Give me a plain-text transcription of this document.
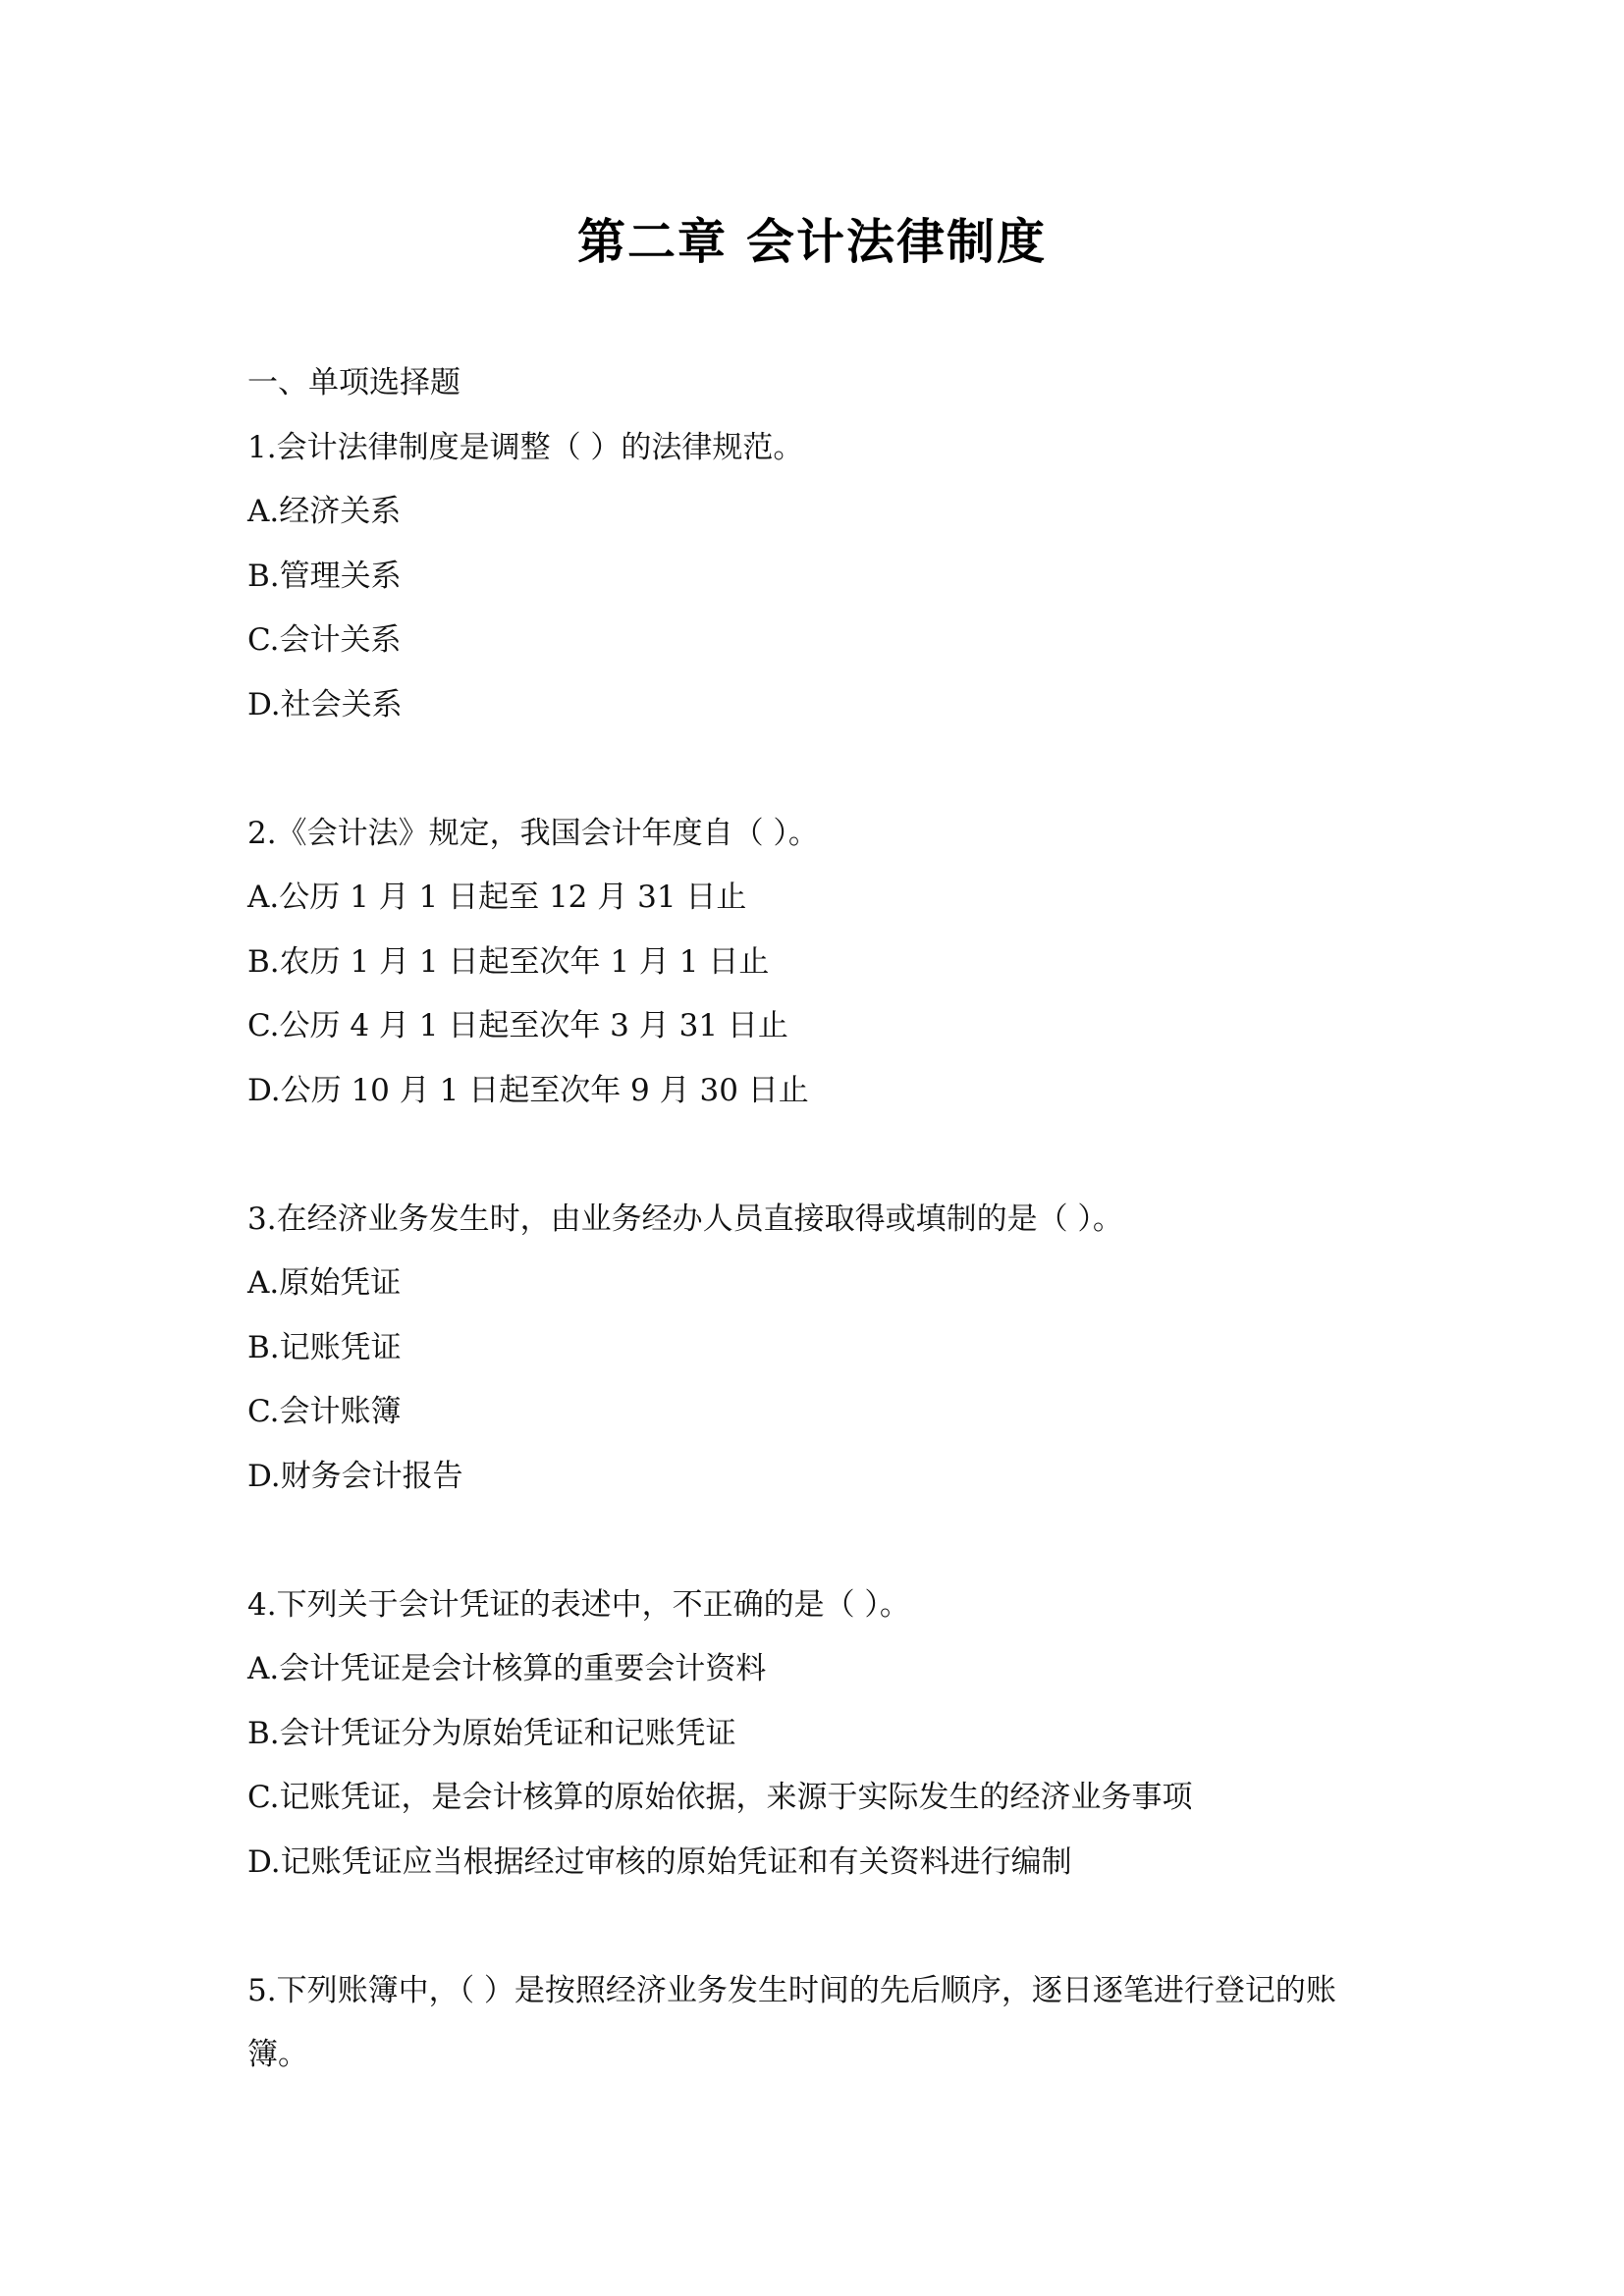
第二章 会计法律制度

一、单项选择题

1.会计法律制度是调整（ ）的法律规范。

A.经济关系

B.管理关系

C.会计关系

D.社会关系

2.《会计法》规定，我国会计年度自（ ）。

A.公历 1 月 1 日起至 12 月 31 日止

B.农历 1 月 1 日起至次年 1 月 1 日止

C.公历 4 月 1 日起至次年 3 月 31 日止

D.公历 10 月 1 日起至次年 9 月 30 日止

3.在经济业务发生时，由业务经办人员直接取得或填制的是（ ）。

A.原始凭证

B.记账凭证

C.会计账簿

D.财务会计报告

4.下列关于会计凭证的表述中，不正确的是（ ）。

A.会计凭证是会计核算的重要会计资料

B.会计凭证分为原始凭证和记账凭证

C.记账凭证，是会计核算的原始依据，来源于实际发生的经济业务事项

D.记账凭证应当根据经过审核的原始凭证和有关资料进行编制

5.下列账簿中，（ ）是按照经济业务发生时间的先后顺序，逐日逐笔进行登记的账簿。
